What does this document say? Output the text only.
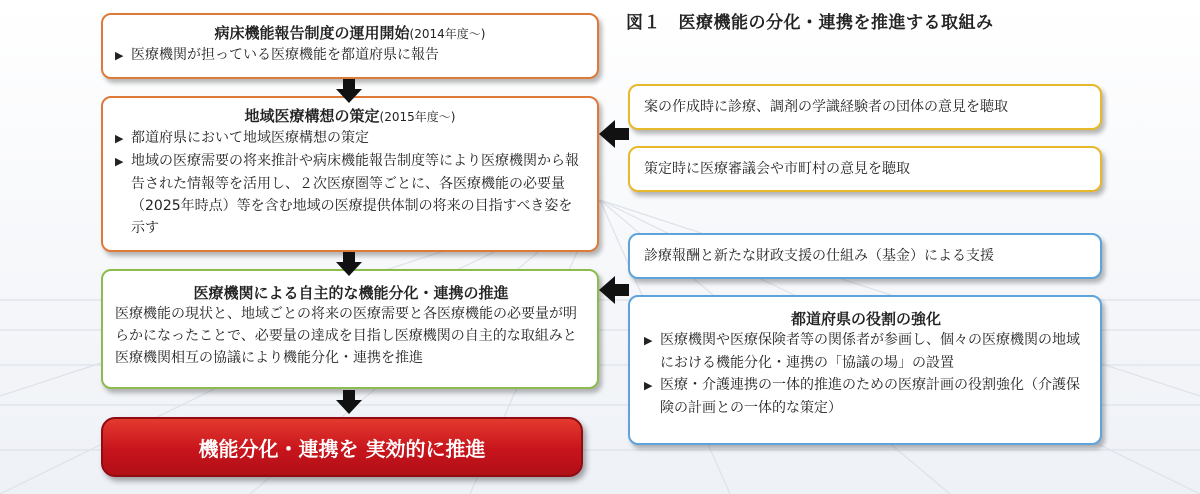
図１　医療機能の分化・連携を推進する取組み
病床機能報告制度の運用開始(2014年度～)
▶ 医療機関が担っている医療機能を都道府県に報告
地域医療構想の策定(2015年度～)
▶ 都道府県において地域医療構想の策定
▶ 地域の医療需要の将来推計や病床機能報告制度等により医療機関から報告された情報等を活用し、２次医療圏等ごとに、各医療機能の必要量（2025年時点）等を含む地域の医療提供体制の将来の目指すべき姿を示す
医療機関による自主的な機能分化・連携の推進
医療機能の現状と、地域ごとの将来の医療需要と各医療機能の必要量が明らかになったことで、必要量の達成を目指し医療機関の自主的な取組みと医療機関相互の協議により機能分化・連携を推進
機能分化・連携を 実効的に推進
案の作成時に診療、調剤の学識経験者の団体の意見を聴取
策定時に医療審議会や市町村の意見を聴取
診療報酬と新たな財政支援の仕組み（基金）による支援
都道府県の役割の強化
▶ 医療機関や医療保険者等の関係者が参画し、個々の医療機関の地域における機能分化・連携の「協議の場」の設置
▶ 医療・介護連携の一体的推進のための医療計画の役割強化（介護保険の計画との一体的な策定）
